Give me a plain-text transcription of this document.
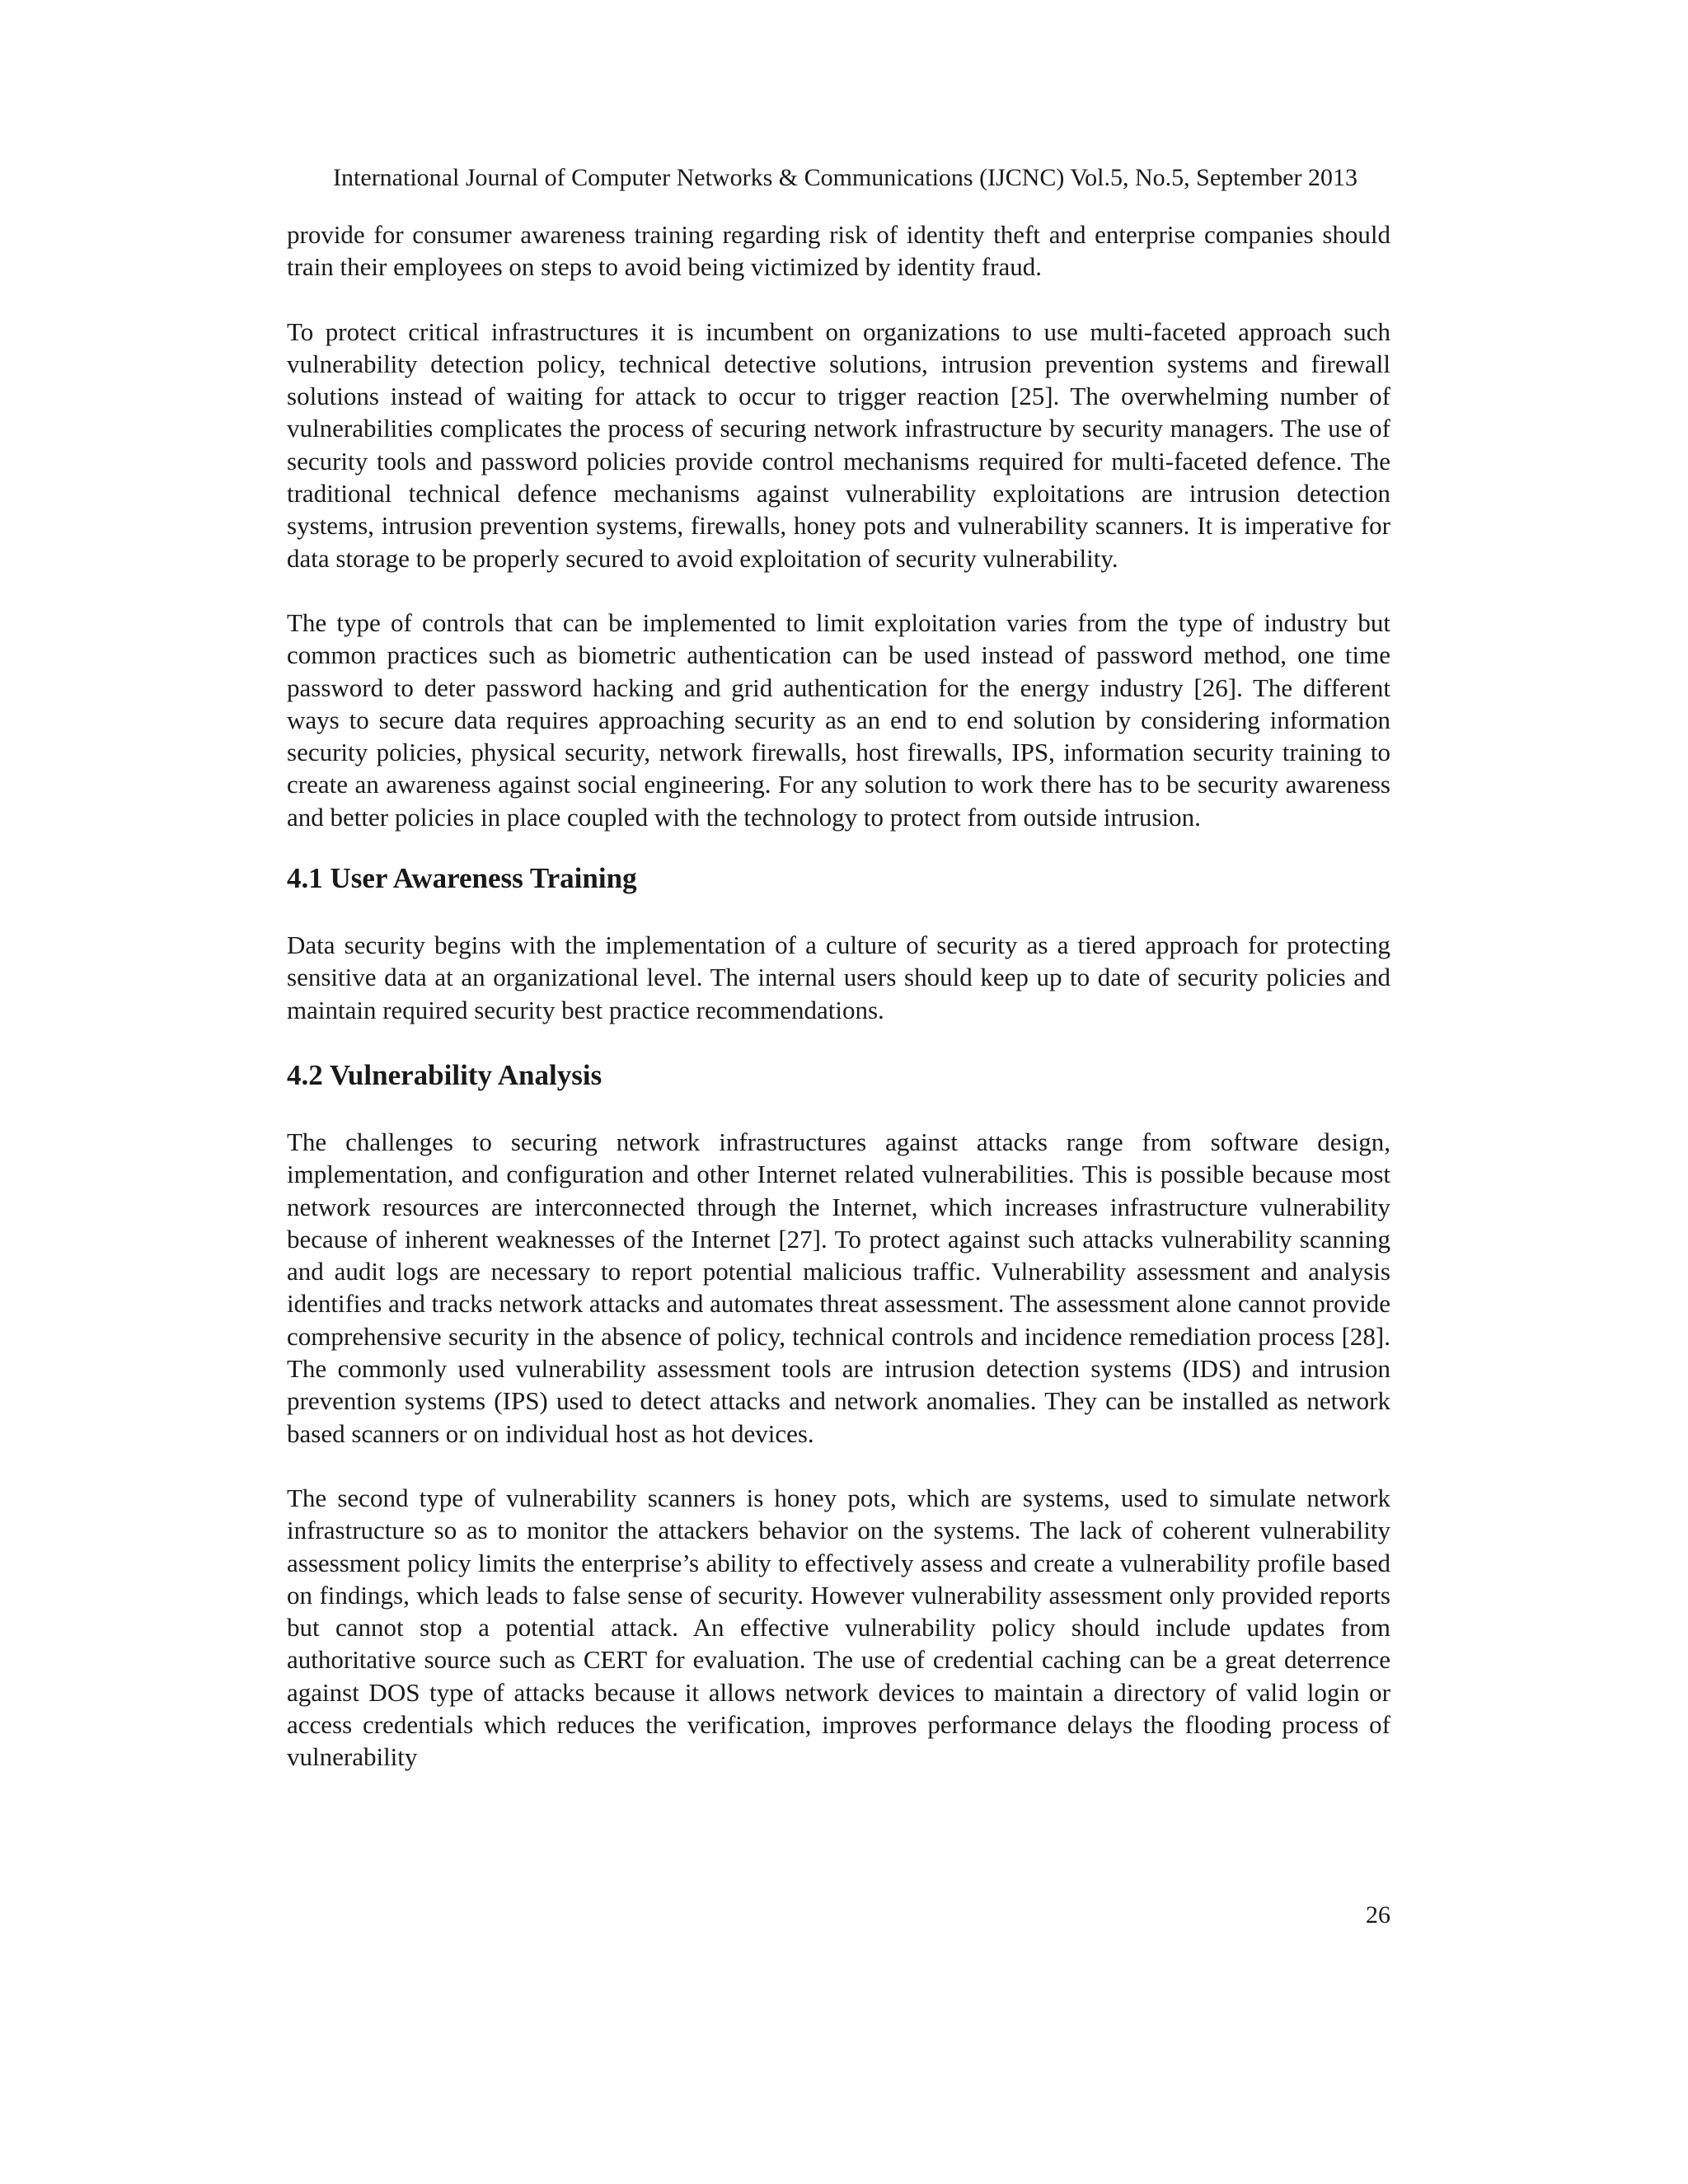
International Journal of Computer Networks & Communications (IJCNC) Vol.5, No.5, September 2013

provide for consumer awareness training regarding risk of identity theft and enterprise companies should train their employees on steps to avoid being victimized by identity fraud.

To protect critical infrastructures it is incumbent on organizations to use multi-faceted approach such vulnerability detection policy, technical detective solutions, intrusion prevention systems and firewall solutions instead of waiting for attack to occur to trigger reaction [25]. The overwhelming number of vulnerabilities complicates the process of securing network infrastructure by security managers. The use of security tools and password policies provide control mechanisms required for multi-faceted defence. The traditional technical defence mechanisms against vulnerability exploitations are intrusion detection systems, intrusion prevention systems, firewalls, honey pots and vulnerability scanners. It is imperative for data storage to be properly secured to avoid exploitation of security vulnerability.

The type of controls that can be implemented to limit exploitation varies from the type of industry but common practices such as biometric authentication can be used instead of password method, one time password to deter password hacking and grid authentication for the energy industry [26]. The different ways to secure data requires approaching security as an end to end solution by considering information security policies, physical security, network firewalls, host firewalls, IPS, information security training to create an awareness against social engineering. For any solution to work there has to be security awareness and better policies in place coupled with the technology to protect from outside intrusion.

4.1 User Awareness Training

Data security begins with the implementation of a culture of security as a tiered approach for protecting sensitive data at an organizational level. The internal users should keep up to date of security policies and maintain required security best practice recommendations.

4.2 Vulnerability Analysis

The challenges to securing network infrastructures against attacks range from software design, implementation, and configuration and other Internet related vulnerabilities. This is possible because most network resources are interconnected through the Internet, which increases infrastructure vulnerability because of inherent weaknesses of the Internet [27]. To protect against such attacks vulnerability scanning and audit logs are necessary to report potential malicious traffic. Vulnerability assessment and analysis identifies and tracks network attacks and automates threat assessment. The assessment alone cannot provide comprehensive security in the absence of policy, technical controls and incidence remediation process [28]. The commonly used vulnerability assessment tools are intrusion detection systems (IDS) and intrusion prevention systems (IPS) used to detect attacks and network anomalies. They can be installed as network based scanners or on individual host as hot devices.

The second type of vulnerability scanners is honey pots, which are systems, used to simulate network infrastructure so as to monitor the attackers behavior on the systems. The lack of coherent vulnerability assessment policy limits the enterprise’s ability to effectively assess and create a vulnerability profile based on findings, which leads to false sense of security. However vulnerability assessment only provided reports but cannot stop a potential attack. An effective vulnerability policy should include updates from authoritative source such as CERT for evaluation. The use of credential caching can be a great deterrence against DOS type of attacks because it allows network devices to maintain a directory of valid login or access credentials which reduces the verification, improves performance delays the flooding process of vulnerability

26
